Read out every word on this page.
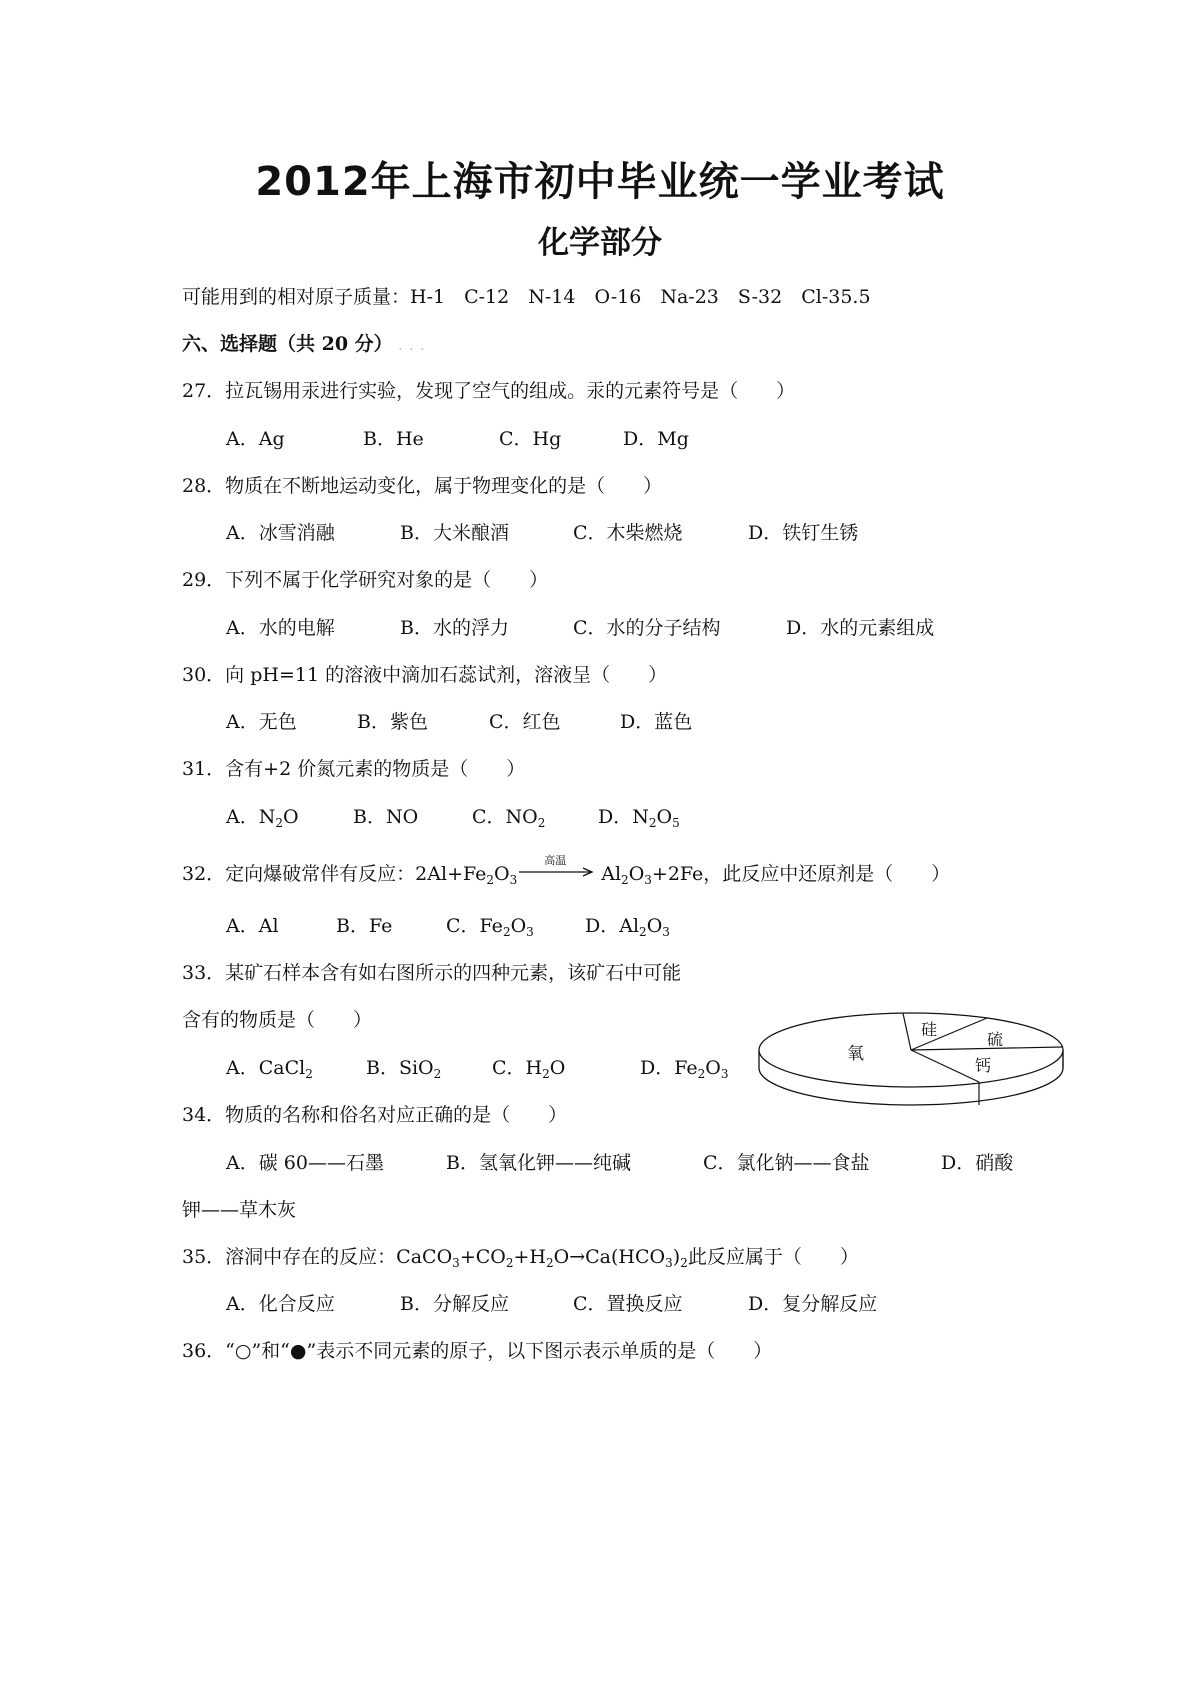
2012年上海市初中毕业统一学业考试
化学部分
可能用到的相对原子质量：H-1 C-12 N-14 O-16 Na-23 S-32 Cl-35.5
六、选择题（共 20 分） . . .
27．拉瓦锡用汞进行实验，发现了空气的组成。汞的元素符号是（　　）
A．Ag	B．He	C．Hg	D．Mg
28．物质在不断地运动变化，属于物理变化的是（　　）
A．冰雪消融	B．大米酿酒	C．木柴燃烧	D．铁钉生锈
29．下列不属于化学研究对象的是（　　）
A．水的电解	B．水的浮力	C．水的分子结构	D．水的元素组成
30．向 pH=11 的溶液中滴加石蕊试剂，溶液呈（　　）
A．无色	B．紫色	C．红色	D．蓝色
31．含有+2 价氮元素的物质是（　　）
A．$N_2O$	B．NO	C．$NO_2$	D．$N_2O_5$
32．定向爆破常伴有反应：$2Al+Fe_2O_3$
高温
$Al_2O_3+2Fe$，此反应中还原剂是（　　）
A．Al	B．Fe	C．$Fe_2O_3$	D．$Al_2O_3$
33．某矿石样本含有如右图所示的四种元素，该矿石中可能
含有的物质是（　　）
A．CaCl$_2$	B．SiO$_2$	C．$H_2O$	D．$Fe_2O_3$
氧
硅
硫
钙
34．物质的名称和俗名对应正确的是（　　）
A．碳 60——石墨	B．氢氧化钾——纯碱	C．氯化钠——食盐	D．硝酸
钾——草木灰
35．溶洞中存在的反应：$CaCO_3+CO_2+H_2O\to Ca(HCO_3)_2$此反应属于（　　）
A．化合反应	B．分解反应	C．置换反应	D．复分解反应
36．“○”和“●”表示不同元素的原子，以下图示表示单质的是（　　）
